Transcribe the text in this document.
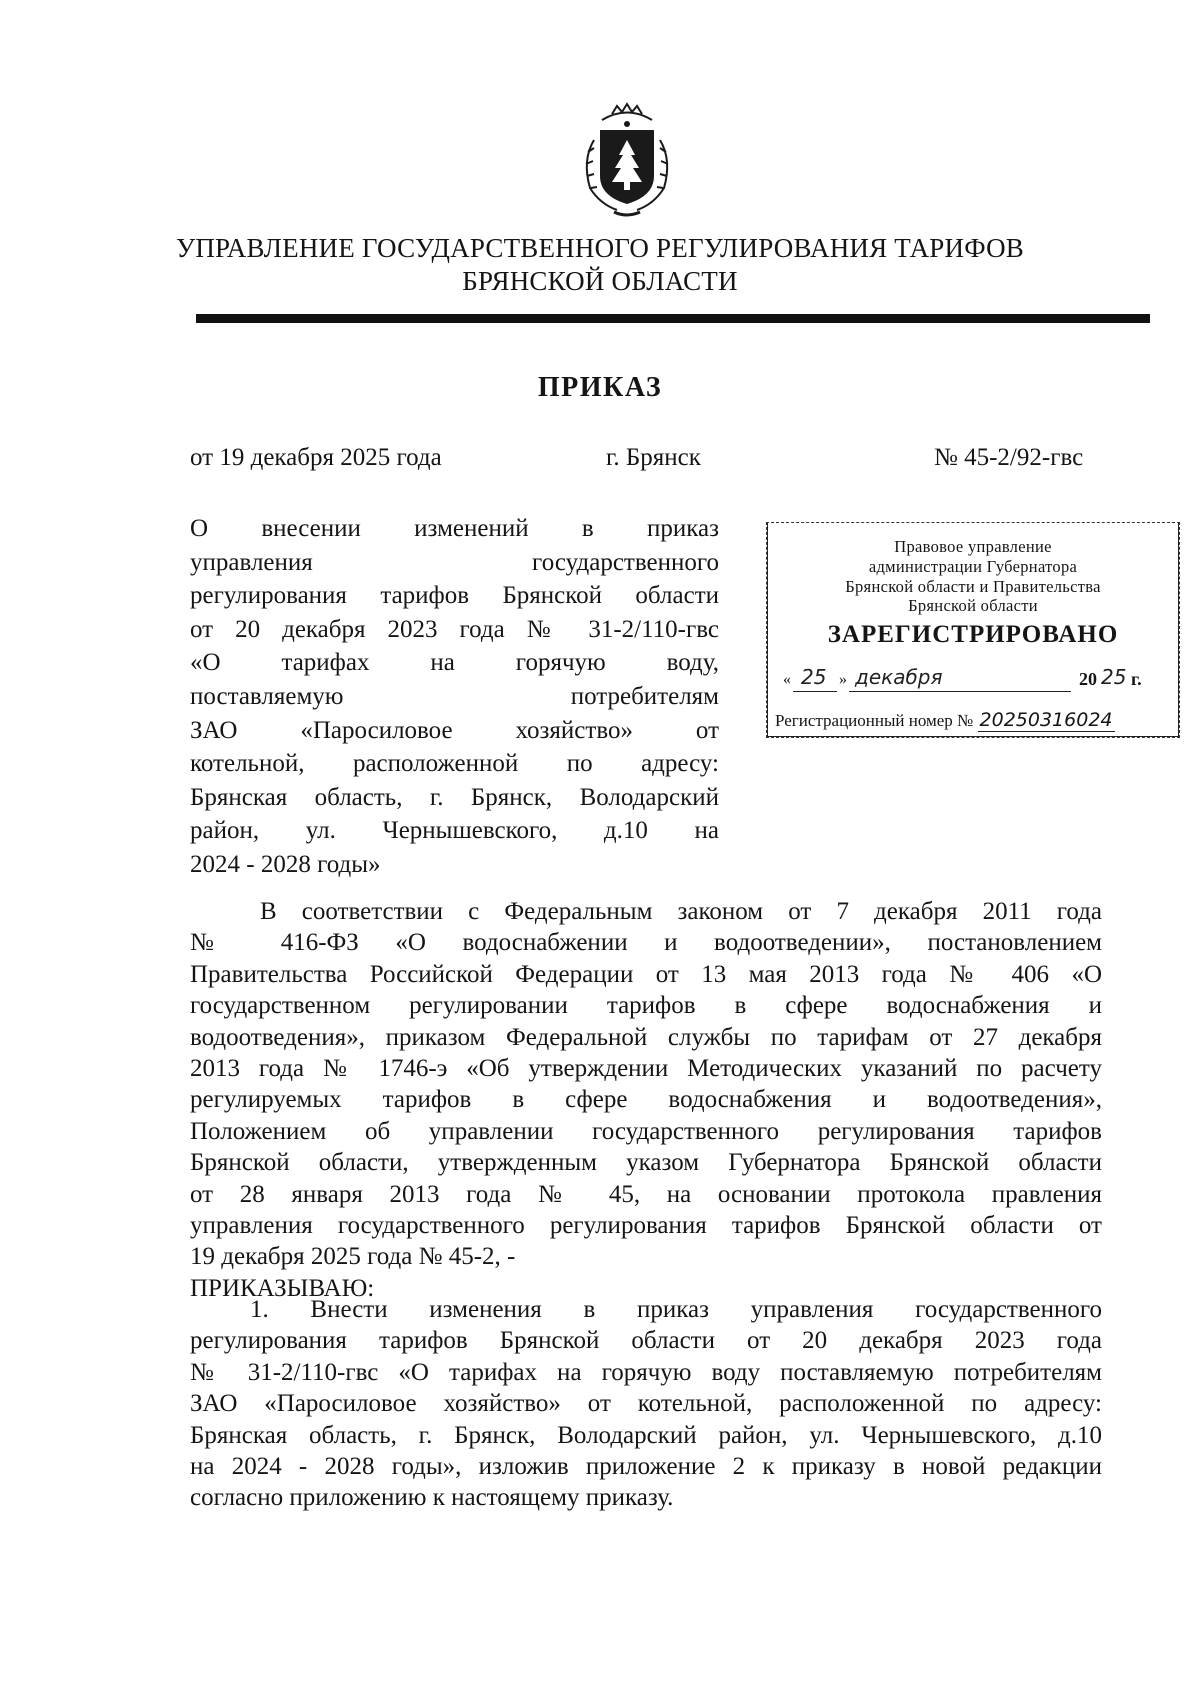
УПРАВЛЕНИЕ ГОСУДАРСТВЕННОГО РЕГУЛИРОВАНИЯ ТАРИФОВ
БРЯНСКОЙ ОБЛАСТИ
ПРИКАЗ
от 19 декабря 2025 года	г. Брянск	№ 45-2/92-гвс
О внесении изменений в приказ
управления государственного
регулирования тарифов Брянской области
от 20 декабря 2023 года № 31-2/110-гвс
«О тарифах на горячую воду,
поставляемую потребителям
ЗАО «Паросиловое хозяйство» от
котельной, расположенной по адресу:
Брянская область, г. Брянск, Володарский
район, ул. Чернышевского, д.10 на
2024 - 2028 годы»
Правовое управление
администрации Губернатора
Брянской области и Правительства
Брянской области
ЗАРЕГИСТРИРОВАНО
« 25 » декабря	20 25 г.
Регистрационный номер № 20250316024
В соответствии с Федеральным законом от 7 декабря 2011 года
№ 416-ФЗ «О водоснабжении и водоотведении», постановлением
Правительства Российской Федерации от 13 мая 2013 года № 406 «О
государственном регулировании тарифов в сфере водоснабжения и
водоотведения», приказом Федеральной службы по тарифам от 27 декабря
2013 года № 1746-э «Об утверждении Методических указаний по расчету
регулируемых тарифов в сфере водоснабжения и водоотведения»,
Положением об управлении государственного регулирования тарифов
Брянской области, утвержденным указом Губернатора Брянской области
от 28 января 2013 года № 45, на основании протокола правления
управления государственного регулирования тарифов Брянской области от
19 декабря 2025 года № 45-2, -
ПРИКАЗЫВАЮ:
1. Внести изменения в приказ управления государственного
регулирования тарифов Брянской области от 20 декабря 2023 года
№ 31-2/110-гвс «О тарифах на горячую воду поставляемую потребителям
ЗАО «Паросиловое хозяйство» от котельной, расположенной по адресу:
Брянская область, г. Брянск, Володарский район, ул. Чернышевского, д.10
на 2024 - 2028 годы», изложив приложение 2 к приказу в новой редакции
согласно приложению к настоящему приказу.
